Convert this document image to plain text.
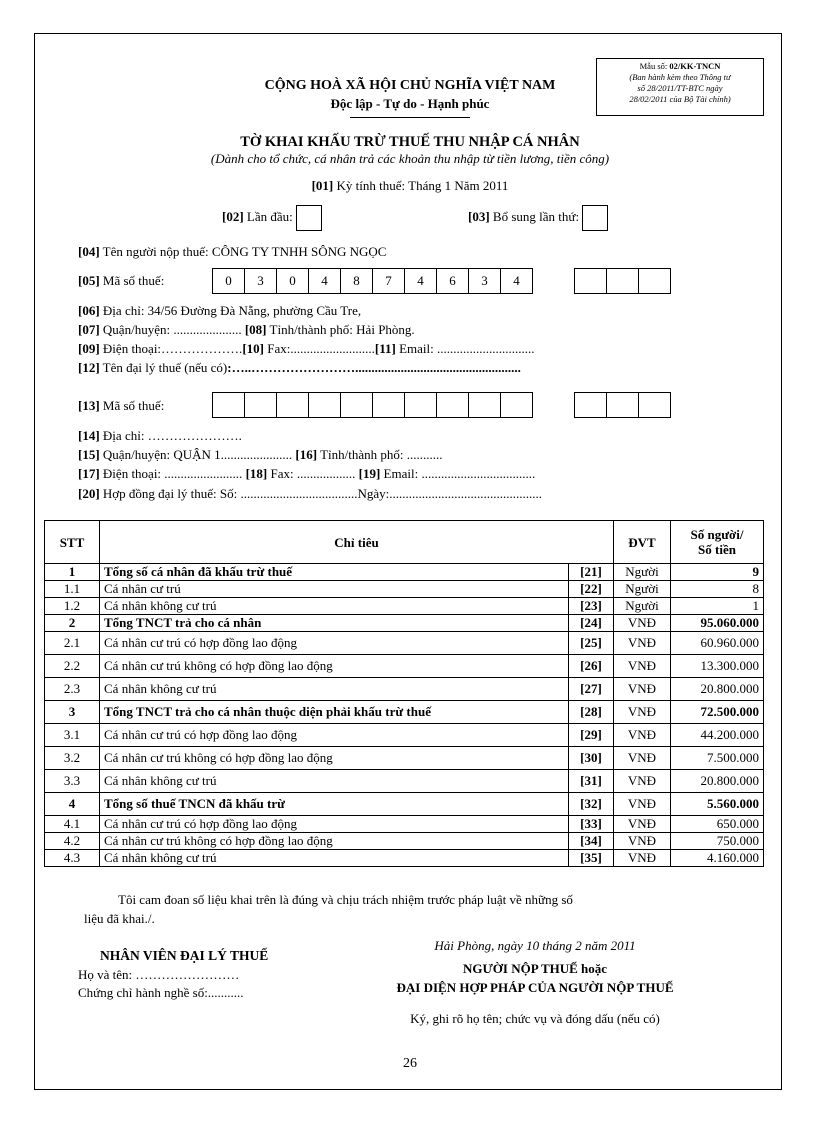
Mẫu số: 02/KK-TNCN
(Ban hành kèm theo Thông tư
số 28/2011/TT-BTC ngày
28/02/2011 của Bộ Tài chính)
CỘNG HOÀ XÃ HỘI CHỦ NGHĨA VIỆT NAM
Độc lập - Tự do - Hạnh phúc
TỜ KHAI KHẤU TRỪ THUẾ THU NHẬP CÁ NHÂN
(Dành cho tổ chức, cá nhân trả các khoản thu nhập từ tiền lương, tiền công)
[01] Kỳ tính thuế: Tháng 1 Năm 2011
[02] Lần đầu:	[03] Bổ sung lần thứ:
[04] Tên người nộp thuế: CÔNG TY TNHH SÔNG NGỌC
[05] Mã số thuế:	0	3	0	4	8	7	4	6	3	4
[06] Địa chỉ: 34/56 Đường Đà Nẵng, phường Cầu Tre,
[07] Quận/huyện: ..................... [08] Tỉnh/thành phố: Hải Phòng.
[09] Điện thoại:……………….[10] Fax:..........................[11] Email: ..............................
[12] Tên đại lý thuế (nếu có):…..……………………...................................................
[13] Mã số thuế:
[14] Địa chỉ: ………………….
[15] Quận/huyện: QUẬN 1...................... [16] Tỉnh/thành phố: ...........
[17] Điện thoại: ........................ [18] Fax: .................. [19] Email: ...................................
[20] Hợp đồng đại lý thuế: Số: ....................................Ngày:...............................................
STT	Chỉ tiêu		ĐVT	Số người/
Số tiền

1	Tổng số cá nhân đã khấu trừ thuế	[21]	Người	9
1.1	Cá nhân cư trú	[22]	Người	8
1.2	Cá nhân không cư trú	[23]	Người	1
2	Tổng TNCT trả cho cá nhân	[24]	VNĐ	95.060.000
2.1	Cá nhân cư trú có hợp đồng lao động	[25]	VNĐ	60.960.000
2.2	Cá nhân cư trú không có hợp đồng lao động	[26]	VNĐ	13.300.000
2.3	Cá nhân không cư trú	[27]	VNĐ	20.800.000
3	Tổng TNCT trả cho cá nhân thuộc diện phải khấu trừ thuế	[28]	VNĐ	72.500.000
3.1	Cá nhân cư trú có hợp đồng lao động	[29]	VNĐ	44.200.000
3.2	Cá nhân cư trú không có hợp đồng lao động	[30]	VNĐ	7.500.000
3.3	Cá nhân không cư trú	[31]	VNĐ	20.800.000
4	Tổng số thuế TNCN đã khấu trừ	[32]	VNĐ	5.560.000
4.1	Cá nhân cư trú có hợp đồng lao động	[33]	VNĐ	650.000
4.2	Cá nhân cư trú không có hợp đồng lao động	[34]	VNĐ	750.000
4.3	Cá nhân không cư trú	[35]	VNĐ	4.160.000
Tôi cam đoan số liệu khai trên là đúng và chịu trách nhiệm trước pháp luật về những số
liệu đã khai./.
NHÂN VIÊN ĐẠI LÝ THUẾ
Họ và tên: ……………………
Chứng chỉ hành nghề số:...........
Hải Phòng, ngày 10 tháng 2 năm 2011
NGƯỜI NỘP THUẾ hoặc
ĐẠI DIỆN HỢP PHÁP CỦA NGƯỜI NỘP THUẾ
Ký, ghi rõ họ tên; chức vụ và đóng dấu (nếu có)
26
